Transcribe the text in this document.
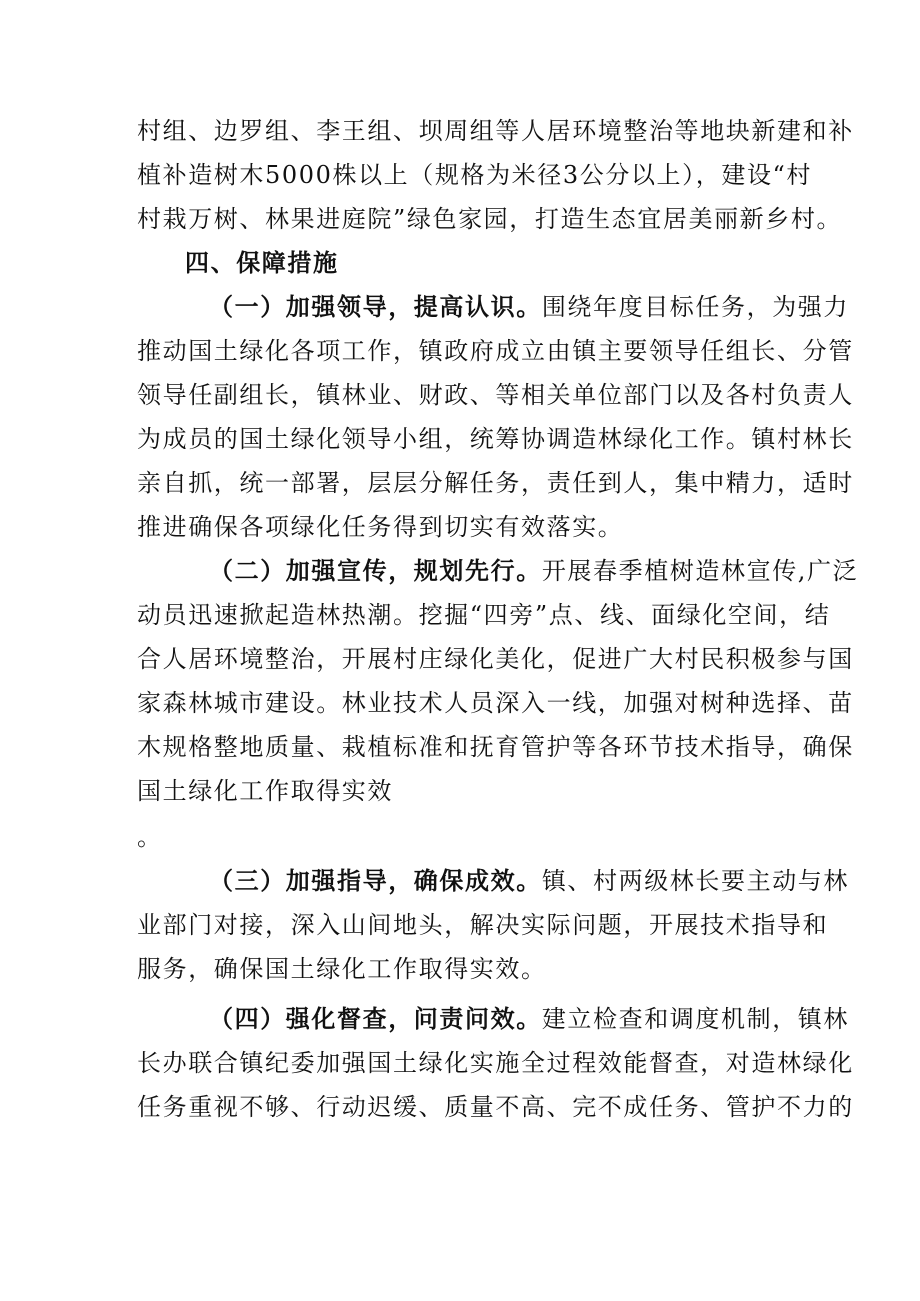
村组、边罗组、李王组、坝周组等人居环境整治等地块新建和补
植补造树木5000株以上（规格为米径3公分以上），建设“村
村栽万树、林果进庭院”绿色家园，打造生态宜居美丽新乡村。
四、保障措施
（一）加强领导，提高认识。围绕年度目标任务，为强力
推动国土绿化各项工作，镇政府成立由镇主要领导任组长、分管
领导任副组长，镇林业、财政、等相关单位部门以及各村负责人
为成员的国土绿化领导小组，统筹协调造林绿化工作。镇村林长
亲自抓，统一部署，层层分解任务，责任到人，集中精力，适时
推进确保各项绿化任务得到切实有效落实。
（二）加强宣传，规划先行。开展春季植树造林宣传,广泛
动员迅速掀起造林热潮。挖掘“四旁”点、线、面绿化空间，结
合人居环境整治，开展村庄绿化美化，促进广大村民积极参与国
家森林城市建设。林业技术人员深入一线，加强对树种选择、苗
木规格整地质量、栽植标准和抚育管护等各环节技术指导，确保
国土绿化工作取得实效
。
（三）加强指导，确保成效。镇、村两级林长要主动与林
业部门对接，深入山间地头，解决实际问题，开展技术指导和
服务，确保国土绿化工作取得实效。
（四）强化督查，问责问效。建立检查和调度机制，镇林
长办联合镇纪委加强国土绿化实施全过程效能督查，对造林绿化
任务重视不够、行动迟缓、质量不高、完不成任务、管护不力的
